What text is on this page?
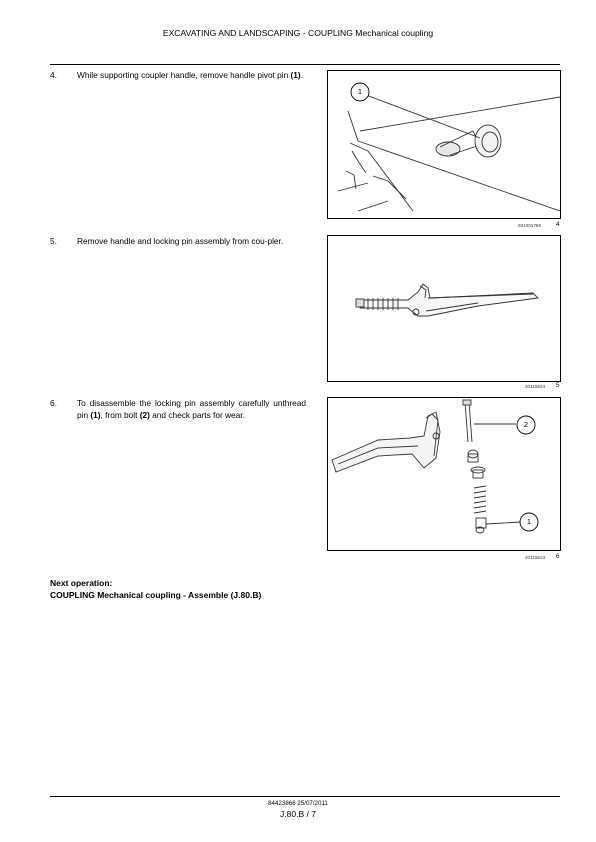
EXCAVATING AND LANDSCAPING - COUPLING Mechanical coupling
4. While supporting coupler handle, remove handle pivot pin (1).
1
931001788 4
5. Remove handle and locking pin assembly from cou-pler.
20115824 5
6. To disassemble the locking pin assembly carefully unthread pin (1), from bolt (2) and check parts for wear.
2
1
20115823 6
Next operation:
COUPLING Mechanical coupling - Assemble (J.80.B)
84423866 25/07/2011
J.80.B / 7
